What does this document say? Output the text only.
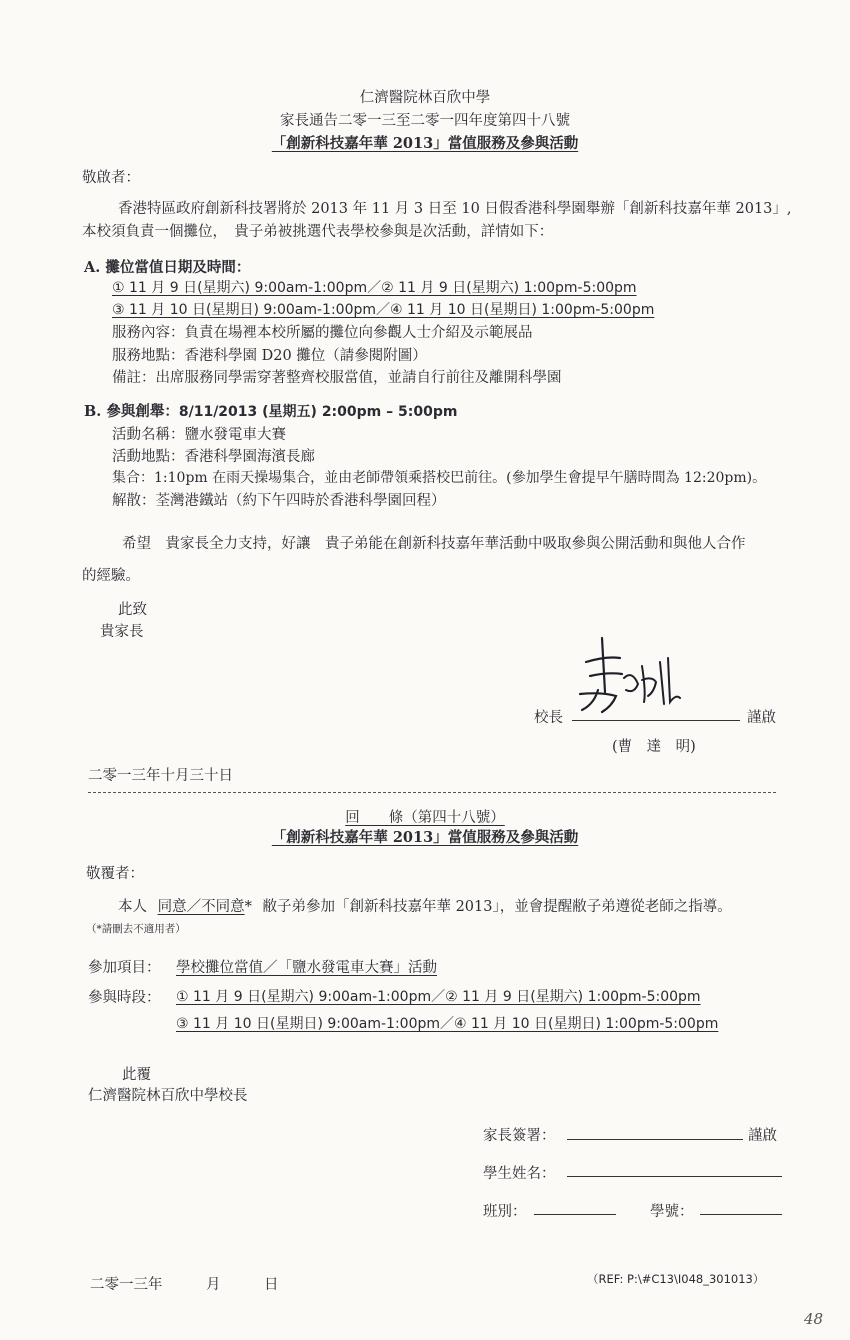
仁濟醫院林百欣中學
家長通告二零一三至二零一四年度第四十八號
「創新科技嘉年華 2013」當值服務及參與活動
敬啟者：
香港特區政府創新科技署將於 2013 年 11 月 3 日至 10 日假香港科學園舉辦「創新科技嘉年華 2013」,
本校須負責一個攤位，　貴子弟被挑選代表學校參與是次活動，詳情如下：
A. 攤位當值日期及時間：
① 11 月 9 日(星期六) 9:00am-1:00pm／② 11 月 9 日(星期六) 1:00pm-5:00pm
③ 11 月 10 日(星期日) 9:00am-1:00pm／④ 11 月 10 日(星期日) 1:00pm-5:00pm
服務內容：負責在場裡本校所屬的攤位向參觀人士介紹及示範展品
服務地點：香港科學園 D20 攤位（請參閱附圖）
備註：出席服務同學需穿著整齊校服當值，並請自行前往及離開科學園
B. 參與創舉：8/11/2013 (星期五) 2:00pm – 5:00pm
活動名稱：鹽水發電車大賽
活動地點：香港科學園海濱長廊
集合：1:10pm 在雨天操場集合，並由老師帶領乘搭校巴前往。(參加學生會提早午膳時間為 12:20pm)。
解散：荃灣港鐵站（約下午四時於香港科學園回程）
希望　貴家長全力支持，好讓　貴子弟能在創新科技嘉年華活動中吸取參與公開活動和與他人合作
的經驗。
此致
貴家長
校長	謹啟
(曹　達　明)
二零一三年十月三十日
回　　條（第四十八號）
「創新科技嘉年華 2013」當值服務及參與活動
敬覆者：
本人 同意／不同意* 敝子弟參加「創新科技嘉年華 2013」，並會提醒敝子弟遵從老師之指導。
（*請刪去不適用者）
參加項目： 學校攤位當值／「鹽水發電車大賽」活動
參與時段： ① 11 月 9 日(星期六) 9:00am-1:00pm／② 11 月 9 日(星期六) 1:00pm-5:00pm
③ 11 月 10 日(星期日) 9:00am-1:00pm／④ 11 月 10 日(星期日) 1:00pm-5:00pm
此覆
仁濟醫院林百欣中學校長
家長簽署：	謹啟
學生姓名：
班別：	學號：
二零一三年　　　月　　　日	（REF: P:\#C13\I048_301013）
48
